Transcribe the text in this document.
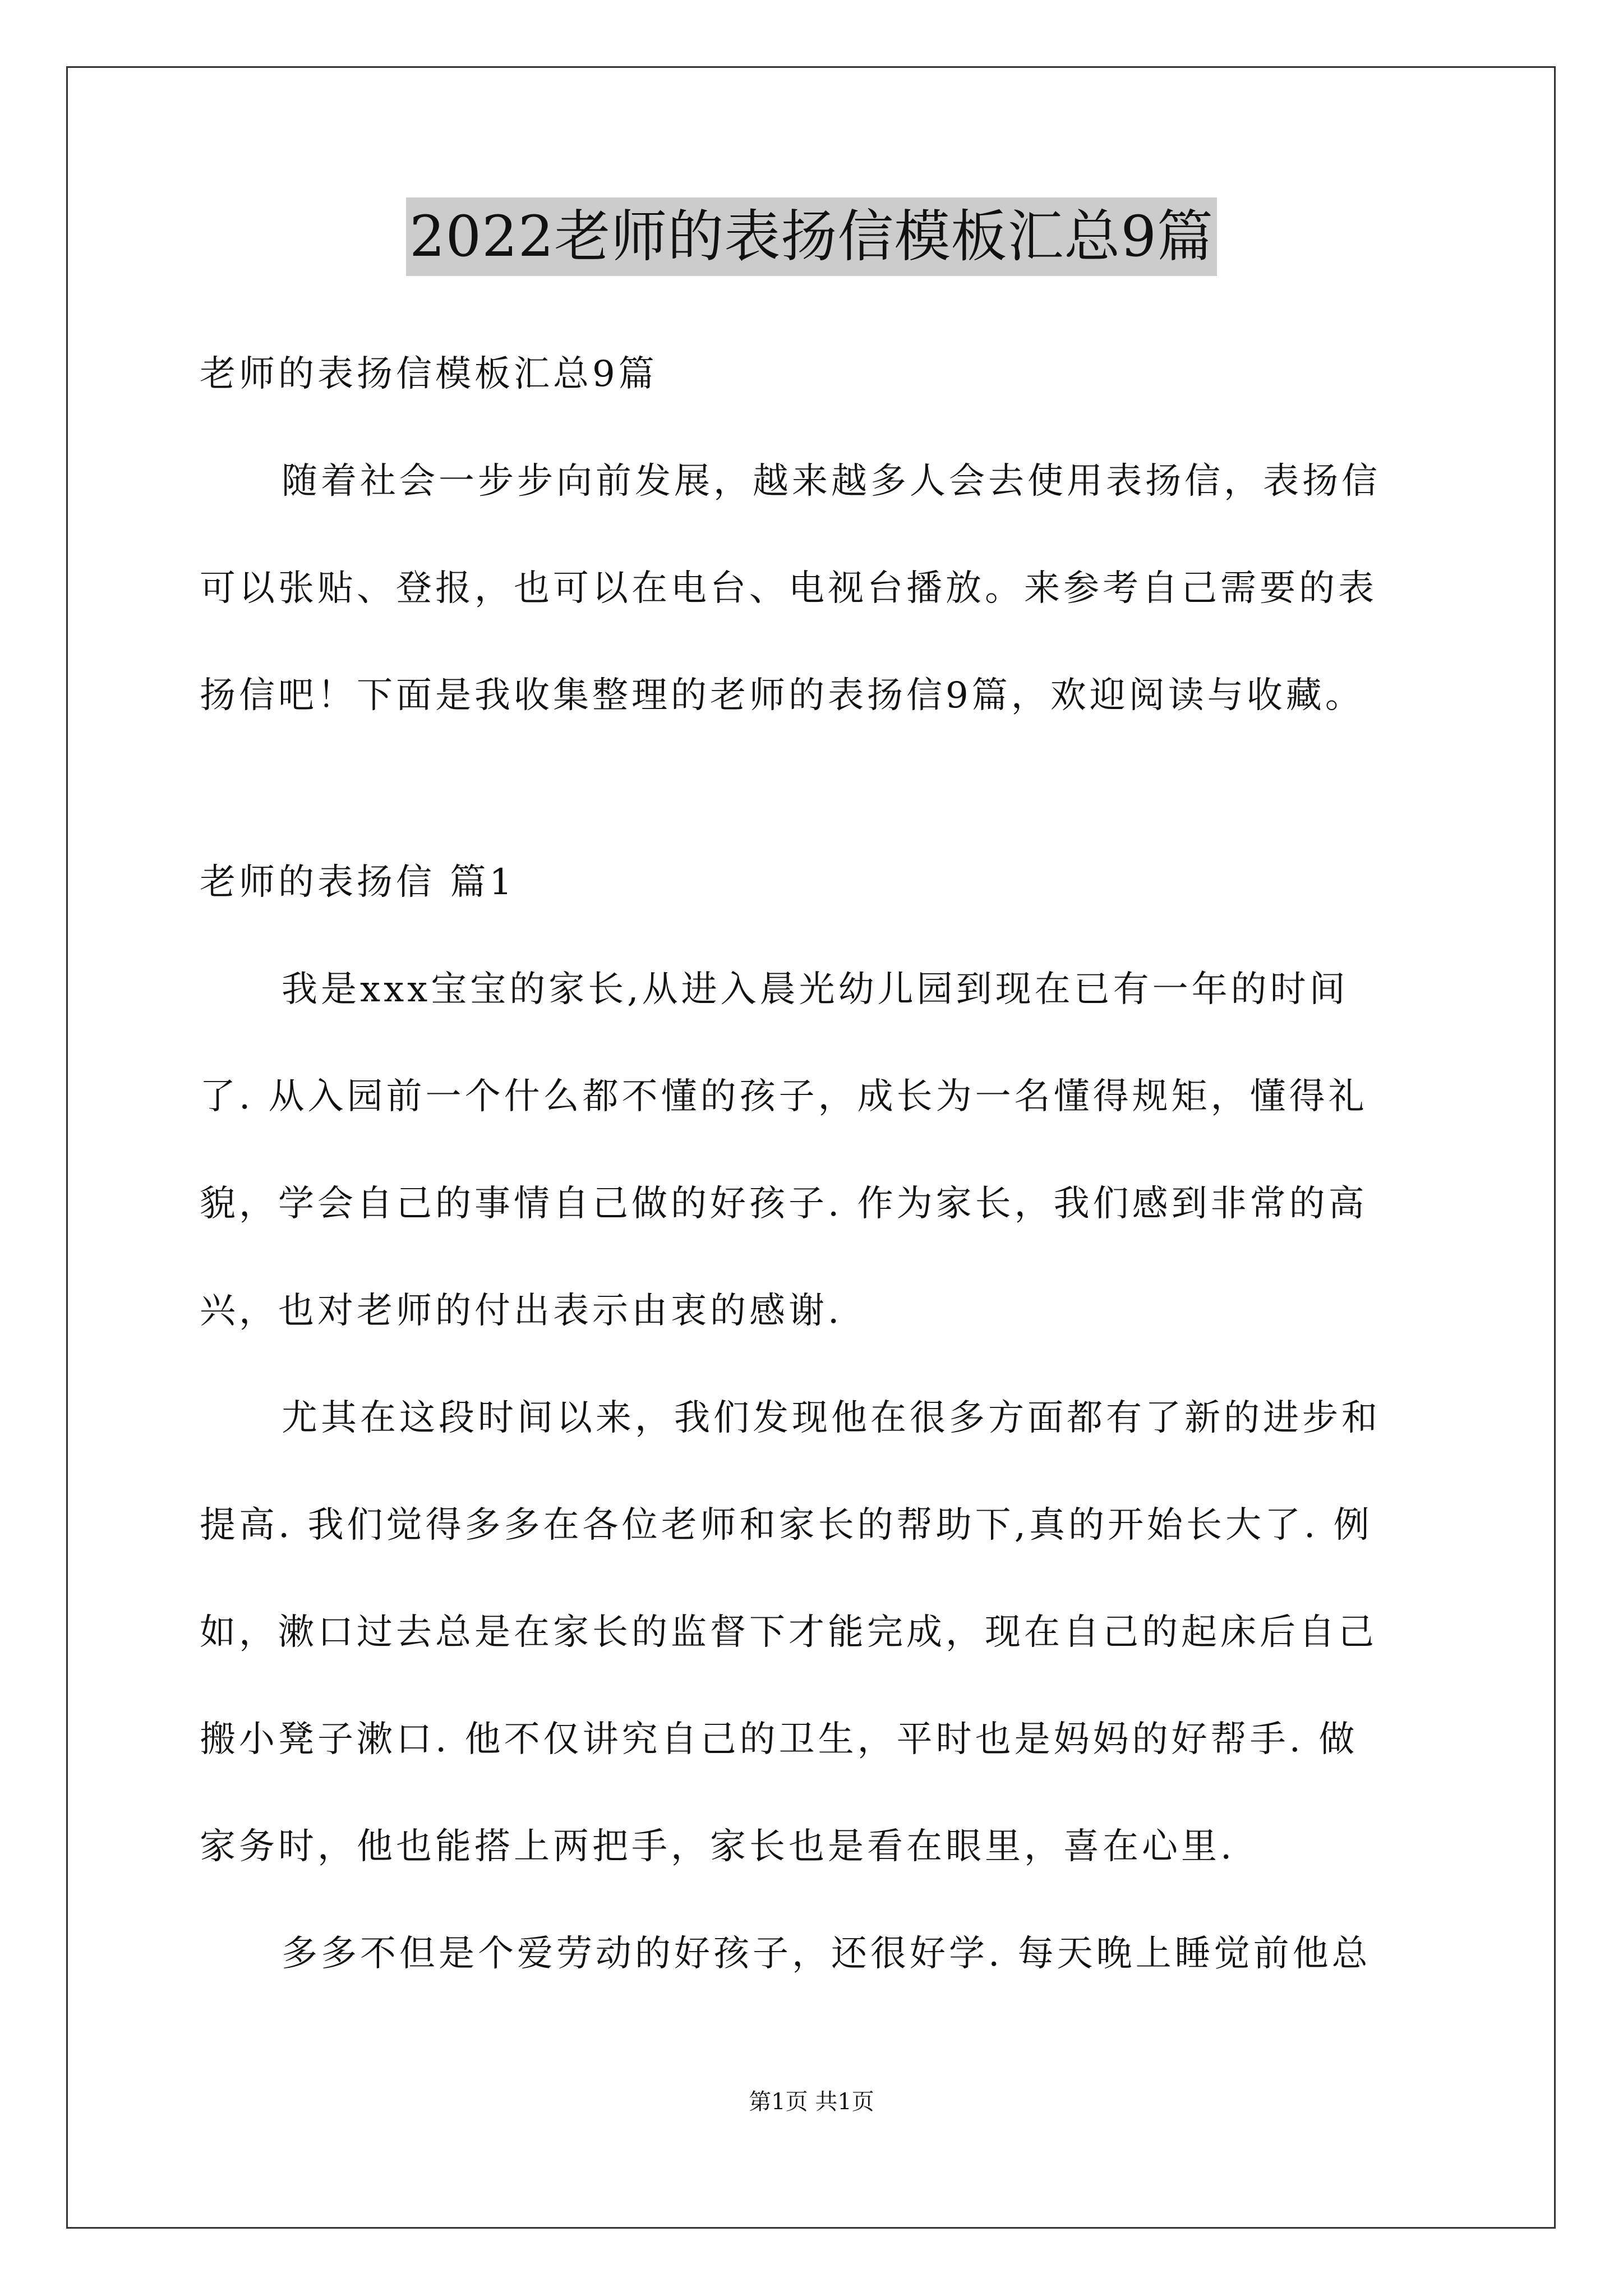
2022老师的表扬信模板汇总9篇
老师的表扬信模板汇总9篇
随着社会一步步向前发展，越来越多人会去使用表扬信，表扬信
可以张贴、登报，也可以在电台、电视台播放。来参考自己需要的表
扬信吧！下面是我收集整理的老师的表扬信9篇，欢迎阅读与收藏。
老师的表扬信 篇1
我是xxx宝宝的家长,从进入晨光幼儿园到现在已有一年的时间
了. 从入园前一个什么都不懂的孩子，成长为一名懂得规矩，懂得礼
貌，学会自己的事情自己做的好孩子. 作为家长，我们感到非常的高
兴，也对老师的付出表示由衷的感谢.
尤其在这段时间以来，我们发现他在很多方面都有了新的进步和
提高. 我们觉得多多在各位老师和家长的帮助下,真的开始长大了. 例
如，漱口过去总是在家长的监督下才能完成，现在自己的起床后自己
搬小凳子漱口. 他不仅讲究自己的卫生，平时也是妈妈的好帮手. 做
家务时，他也能搭上两把手，家长也是看在眼里，喜在心里.
多多不但是个爱劳动的好孩子，还很好学. 每天晚上睡觉前他总
第1页 共1页
